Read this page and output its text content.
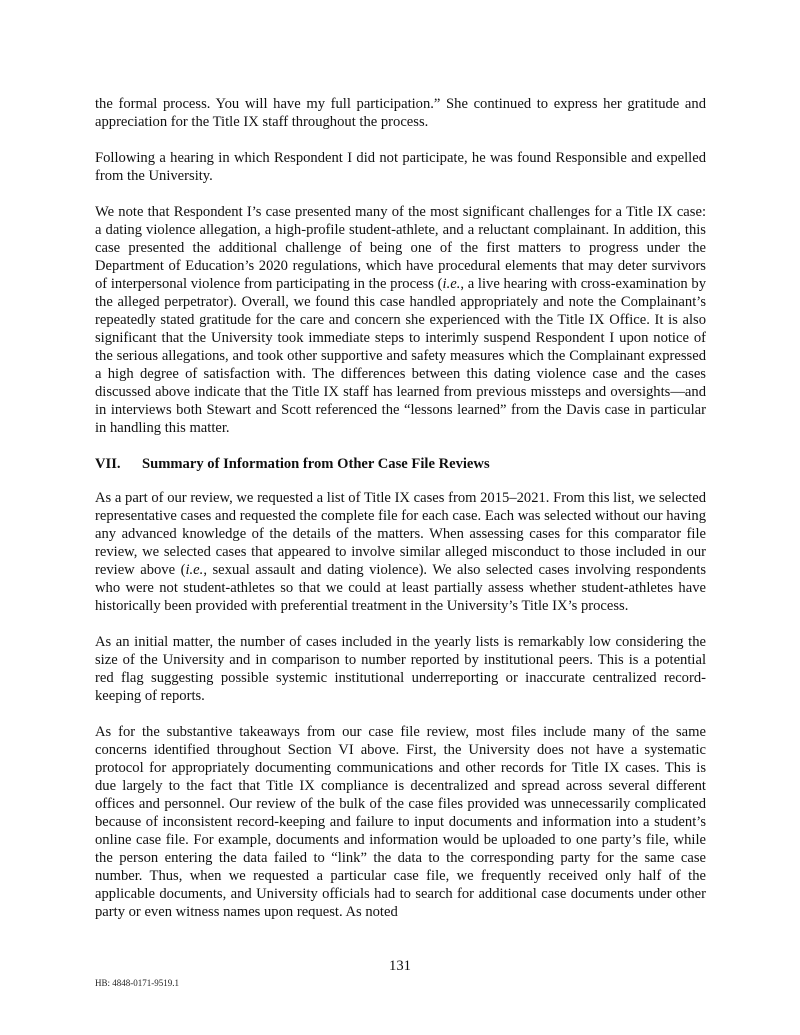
the formal process. You will have my full participation.” She continued to express her gratitude and appreciation for the Title IX staff throughout the process.

Following a hearing in which Respondent I did not participate, he was found Responsible and expelled from the University.

We note that Respondent I’s case presented many of the most significant challenges for a Title IX case: a dating violence allegation, a high-profile student-athlete, and a reluctant complainant. In addition, this case presented the additional challenge of being one of the first matters to progress under the Department of Education’s 2020 regulations, which have procedural elements that may deter survivors of interpersonal violence from participating in the process (i.e., a live hearing with cross-examination by the alleged perpetrator). Overall, we found this case handled appropriately and note the Complainant’s repeatedly stated gratitude for the care and concern she experienced with the Title IX Office. It is also significant that the University took immediate steps to interimly suspend Respondent I upon notice of the serious allegations, and took other supportive and safety measures which the Complainant expressed a high degree of satisfaction with. The differences between this dating violence case and the cases discussed above indicate that the Title IX staff has learned from previous missteps and oversights—and in interviews both Stewart and Scott referenced the “lessons learned” from the Davis case in particular in handling this matter.

VII.	Summary of Information from Other Case File Reviews

As a part of our review, we requested a list of Title IX cases from 2015–2021. From this list, we selected representative cases and requested the complete file for each case. Each was selected without our having any advanced knowledge of the details of the matters. When assessing cases for this comparator file review, we selected cases that appeared to involve similar alleged misconduct to those included in our review above (i.e., sexual assault and dating violence). We also selected cases involving respondents who were not student-athletes so that we could at least partially assess whether student-athletes have historically been provided with preferential treatment in the University’s Title IX’s process.

As an initial matter, the number of cases included in the yearly lists is remarkably low considering the size of the University and in comparison to number reported by institutional peers. This is a potential red flag suggesting possible systemic institutional underreporting or inaccurate centralized record-keeping of reports.

As for the substantive takeaways from our case file review, most files include many of the same concerns identified throughout Section VI above. First, the University does not have a systematic protocol for appropriately documenting communications and other records for Title IX cases. This is due largely to the fact that Title IX compliance is decentralized and spread across several different offices and personnel. Our review of the bulk of the case files provided was unnecessarily complicated because of inconsistent record-keeping and failure to input documents and information into a student’s online case file. For example, documents and information would be uploaded to one party’s file, while the person entering the data failed to “link” the data to the corresponding party for the same case number. Thus, when we requested a particular case file, we frequently received only half of the applicable documents, and University officials had to search for additional case documents under other party or even witness names upon request. As noted

131
HB: 4848-0171-9519.1
